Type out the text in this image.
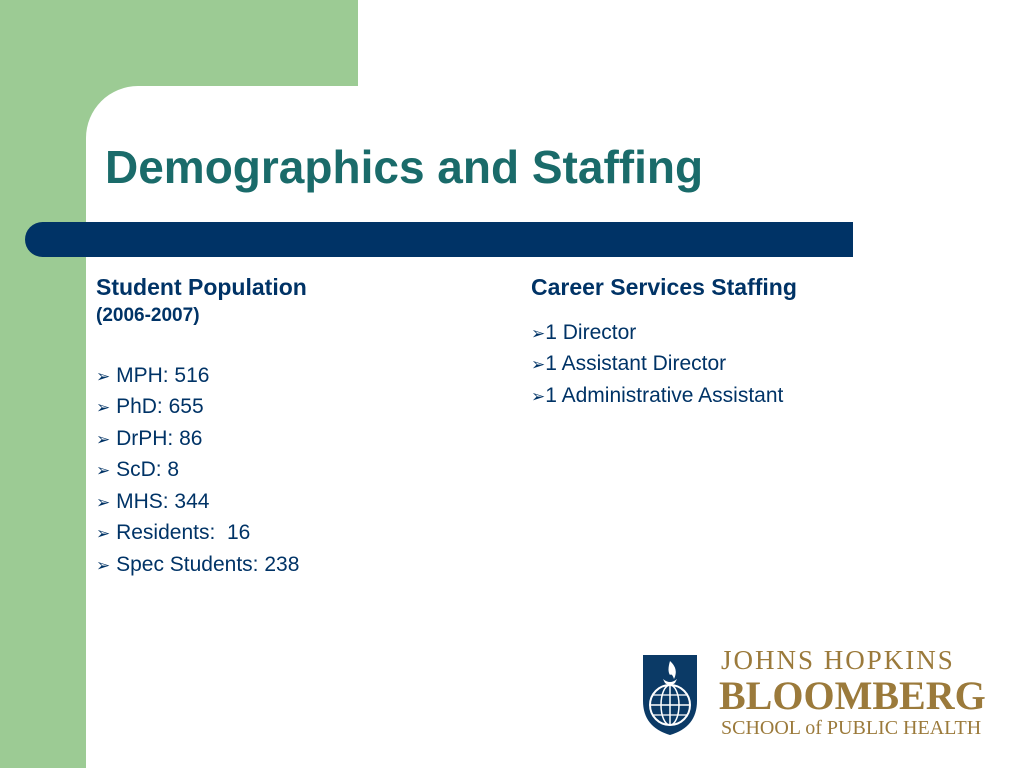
Demographics and Staffing

Student Population

(2006-2007)

➢ MPH: 516
➢ PhD: 655
➢ DrPH: 86
➢ ScD: 8
➢ MHS: 344
➢ Residents:  16
➢ Spec Students: 238

Career Services Staffing

➢1 Director
➢1 Assistant Director
➢1 Administrative Assistant
JOHNS HOPKINS
BLOOMBERG
SCHOOL of PUBLIC HEALTH
